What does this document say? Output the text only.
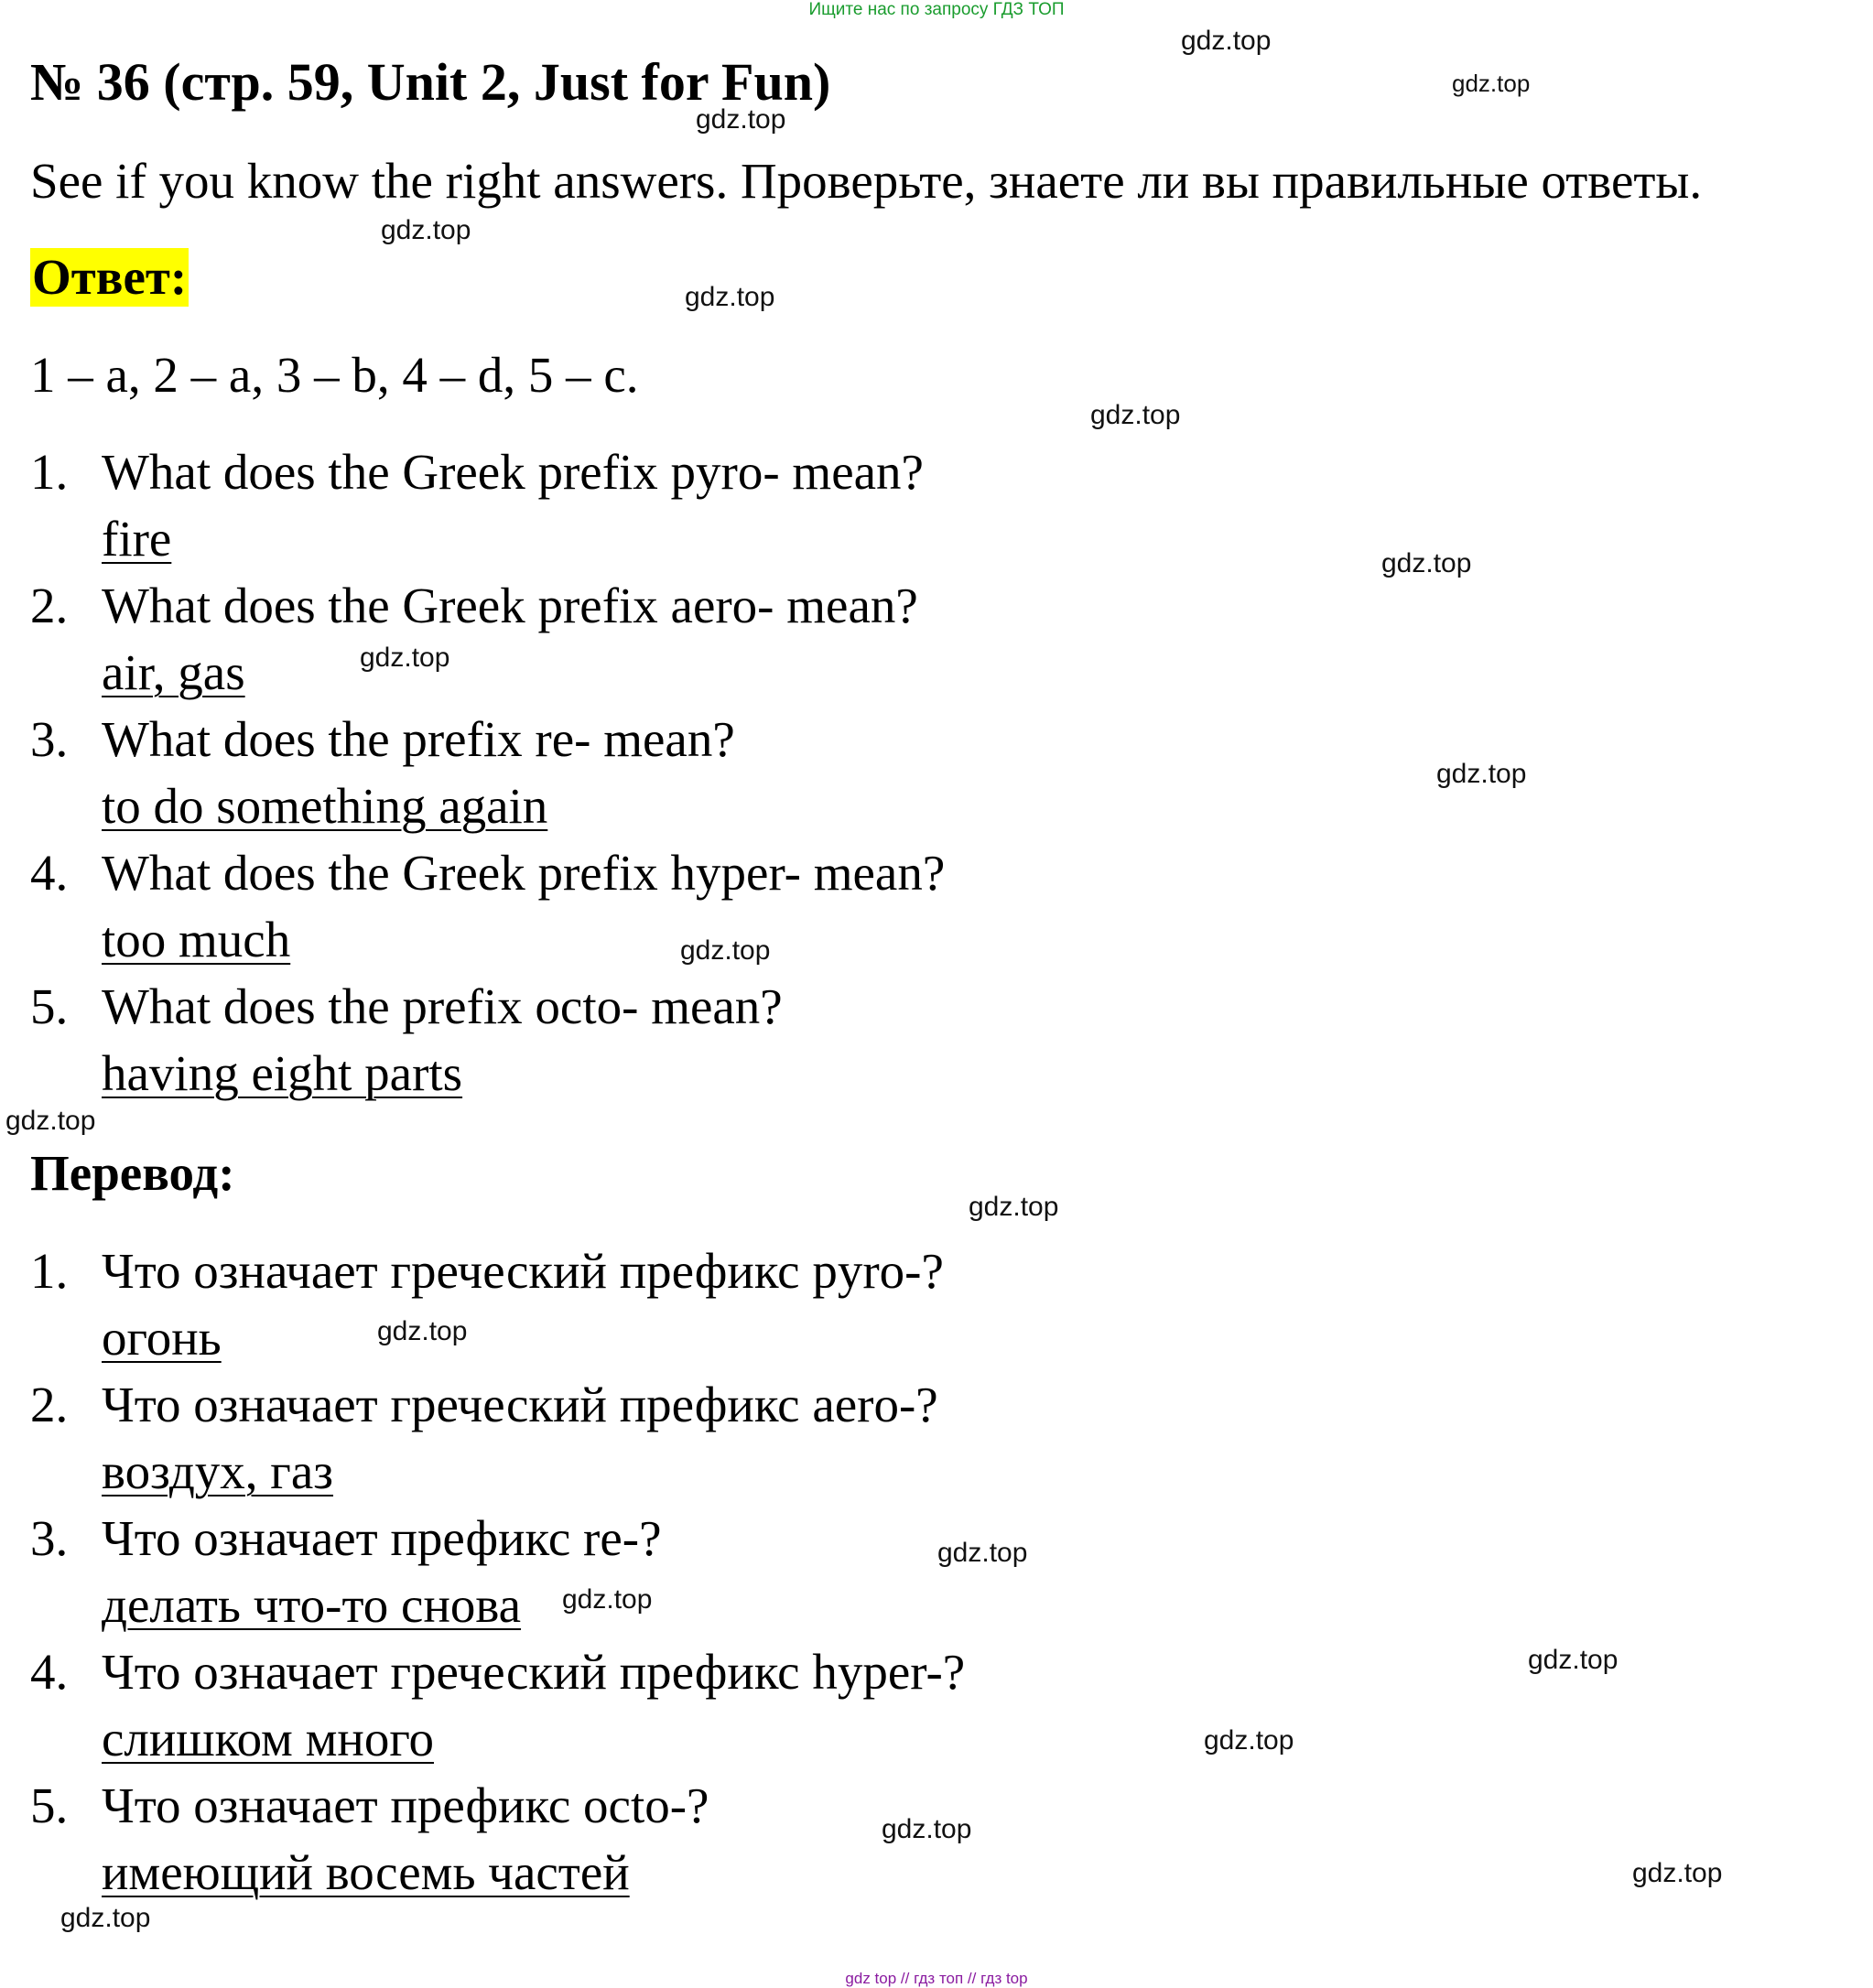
Ищите нас по запросу ГДЗ ТОП
№ 36 (стр. 59, Unit 2, Just for Fun)
See if you know the right answers. Проверьте, знаете ли вы правильные ответы.
Ответ:
1 – a, 2 – a, 3 – b, 4 – d, 5 – c.
1. What does the Greek prefix pyro- mean?
fire
2. What does the Greek prefix aero- mean?
air, gas
3. What does the prefix re- mean?
to do something again
4. What does the Greek prefix hyper- mean?
too much
5. What does the prefix octo- mean?
having eight parts
Перевод:
1. Что означает греческий префикс pyro-?
огонь
2. Что означает греческий префикс aero-?
воздух, газ
3. Что означает префикс re-?
делать что-то снова
4. Что означает греческий префикс hyper-?
слишком много
5. Что означает префикс octo-?
имеющий восемь частей
gdz.top
gdz.top
gdz.top
gdz.top
gdz.top
gdz.top
gdz.top
gdz.top
gdz.top
gdz.top
gdz.top
gdz.top
gdz.top
gdz.top
gdz.top
gdz.top
gdz.top
gdz.top
gdz.top
gdz.top
gdz top // гдз топ // гдз top
